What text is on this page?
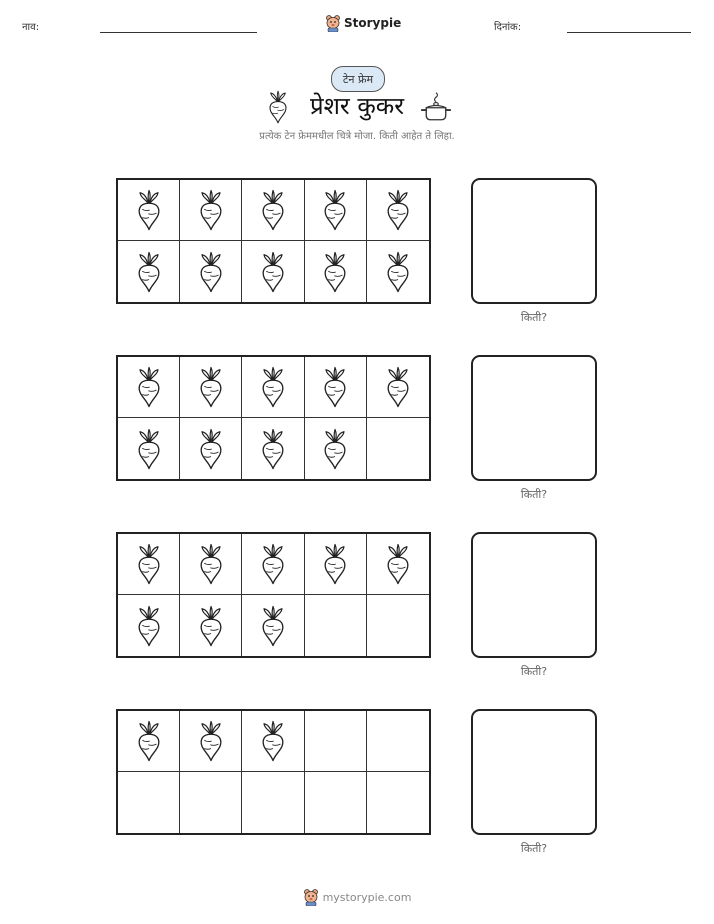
नाव:	Storypie	दिनांक:
टेन फ्रेम
प्रेशर कुकर
प्रत्येक टेन फ्रेममधील चित्रे मोजा. किती आहेत ते लिहा.
किती?
किती?
किती?
किती?
mystorypie.com
